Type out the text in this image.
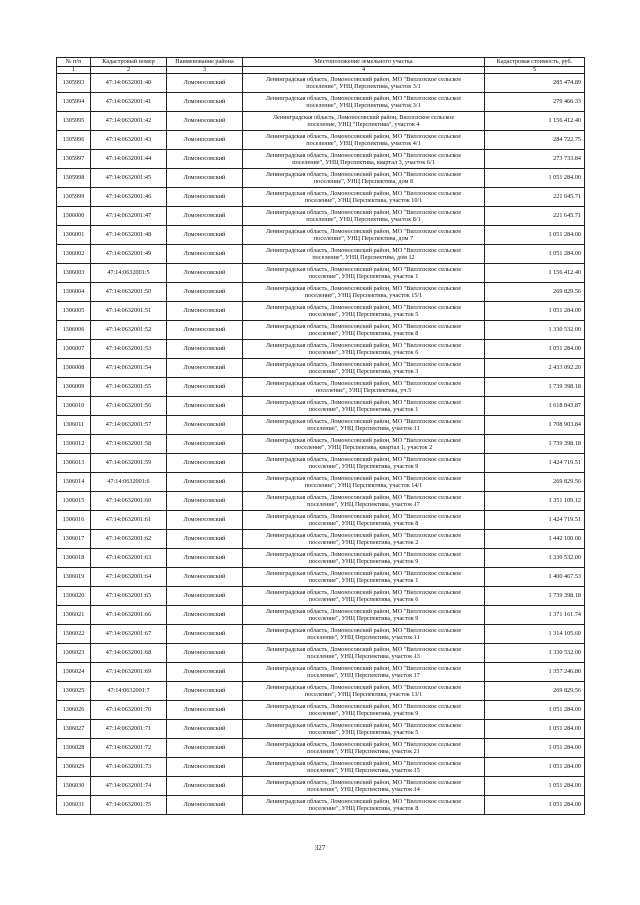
№ п/п	Кадастровый номер	Наименование района	Местоположение земельного участка	Кадастровая стоимость, руб.
1	2	3	4	5
1305993	47:14:0632001:40	Ломоносовский	Ленинградская область, Ломоносовский район, МО "Виллозское сельское
поселение", УНЦ Перспектива, участок 3/1	285 474.89
1305994	47:14:0632001:41	Ломоносовский	Ленинградская область, Ломоносовский район, МО "Виллозское сельское
поселение", УНЦ Перспектива, участок 3/1	279 466.33
1305995	47:14:0632001:42	Ломоносовский	Ленинградская область, Ломоносовский район, Виллозское сельское
поселение, УНЦ "Перспектива", участок 4	1 156 412.40
1305996	47:14:0632001:43	Ломоносовский	Ленинградская область, Ломоносовский район, МО "Виллозское сельское
поселение", УНЦ Перспектива, участок 4/1	284 722.75
1305997	47:14:0632001:44	Ломоносовский	Ленинградская область, Ломоносовский район, МО "Виллозское сельское
поселение", УНЦ Перспектива, квартал 3, участок 6/1	273 733.84
1305998	47:14:0632001:45	Ломоносовский	Ленинградская область, Ломоносовский район, МО "Виллозское сельское
поселение", УНЦ Перспектива, дом 8	1 051 284.00
1305999	47:14:0632001:46	Ломоносовский	Ленинградская область, Ломоносовский район, МО "Виллозское сельское
поселение", УНЦ Перспектива, участок 10/1	221 645.71
1306000	47:14:0632001:47	Ломоносовский	Ленинградская область, Ломоносовский район, МО "Виллозское сельское
поселение", УНЦ Перспектива, участок 8/1	221 645.71
1306001	47:14:0632001:48	Ломоносовский	Ленинградская область, Ломоносовский район, МО "Виллозское сельское
поселение", УНЦ Перспектива, дом 7	1 051 284.00
1306002	47:14:0632001:49	Ломоносовский	Ленинградская область, Ломоносовский район, МО "Виллозское сельское
поселение", УНЦ Перспектива, дом 12	1 051 284.00
1306003	47:14:0632001:5	Ломоносовский	Ленинградская область, Ломоносовский район, МО "Виллозское сельское
поселение", УНЦ Перспектива, участок 1	1 156 412.40
1306004	47:14:0632001:50	Ломоносовский	Ленинградская область, Ломоносовский район, МО "Виллозское сельское
поселение", УНЦ Перспектива, участок 15/1	269 829.56
1306005	47:14:0632001:51	Ломоносовский	Ленинградская область, Ломоносовский район, МО "Виллозское сельское
поселение", УНЦ Перспектива, участок 5	1 051 284.00
1306006	47:14:0632001:52	Ломоносовский	Ленинградская область, Ломоносовский район, МО "Виллозское сельское
поселение", УНЦ Перспектива, участок 8	1 330 532.00
1306007	47:14:0632001:53	Ломоносовский	Ленинградская область, Ломоносовский район, МО "Виллозское сельское
поселение", УНЦ Перспектива, участок 6	1 051 284.00
1306008	47:14:0632001:54	Ломоносовский	Ленинградская область, Ломоносовский район, МО "Виллозское сельское
поселение", УНЦ Перспектива, участок 3	2 433 092.20
1306009	47:14:0632001:55	Ломоносовский	Ленинградская область, Ломоносовский район, МО "Виллозское сельское
поселение", УНЦ Перспектива, уч.5	1 739 398.18
1306010	47:14:0632001:56	Ломоносовский	Ленинградская область, Ломоносовский район, МО "Виллозское сельское
поселение", УНЦ Перспектива, участок 1	1 618 843.87
1306011	47:14:0632001:57	Ломоносовский	Ленинградская область, Ломоносовский район, МО "Виллозское сельское
поселение", УНЦ Перспектива, участок 11	1 708 903.84
1306012	47:14:0632001:58	Ломоносовский	Ленинградская область, Ломоносовский район, МО "Виллозское сельское
поселение", УНЦ Перспектива, квартал 1, участок 2	1 739 398.18
1306013	47:14:0632001:59	Ломоносовский	Ленинградская область, Ломоносовский район, МО "Виллозское сельское
поселение", УНЦ Перспектива, участок 9	1 424 719.51
1306014	47:14:0632001:6	Ломоносовский	Ленинградская область, Ломоносовский район, МО "Виллозское сельское
поселение", УНЦ Перспектива, участок 14/1	269 829.56
1306015	47:14:0632001:60	Ломоносовский	Ленинградская область, Ломоносовский район, МО "Виллозское сельское
поселение", УНЦ Перспектива, участок 17	1 351 109.12
1306016	47:14:0632001:61	Ломоносовский	Ленинградская область, Ломоносовский район, МО "Виллозское сельское
поселение", УНЦ Перспектива, участок 8	1 424 719.51
1306017	47:14:0632001:62	Ломоносовский	Ленинградская область, Ломоносовский район, МО "Виллозское сельское
поселение", УНЦ Перспектива, участок 2	1 442 100.00
1306018	47:14:0632001:63	Ломоносовский	Ленинградская область, Ломоносовский район, МО "Виллозское сельское
поселение", УНЦ Перспектива, участок 9	1 330 532.00
1306019	47:14:0632001:64	Ломоносовский	Ленинградская область, Ломоносовский район, МО "Виллозское сельское
поселение", УНЦ Перспектива, участок 1	1 400 467.53
1306020	47:14:0632001:65	Ломоносовский	Ленинградская область, Ломоносовский район, МО "Виллозское сельское
поселение", УНЦ Перспектива, участок 6	1 739 398.18
1306021	47:14:0632001:66	Ломоносовский	Ленинградская область, Ломоносовский район, МО "Виллозское сельское
поселение", УНЦ Перспектива, участок 9	1 371 161.74
1306022	47:14:0632001:67	Ломоносовский	Ленинградская область, Ломоносовский район, МО "Виллозское сельское
поселение", УНЦ Перспектива, участок 11	1 314 105.60
1306023	47:14:0632001:68	Ломоносовский	Ленинградская область, Ломоносовский район, МО "Виллозское сельское
поселение", УНЦ Перспектива, участок 13	1 330 532.00
1306024	47:14:0632001:69	Ломоносовский	Ленинградская область, Ломоносовский район, МО "Виллозское сельское
поселение", УНЦ Перспектива, участок 17	1 357 246.80
1306025	47:14:0632001:7	Ломоносовский	Ленинградская область, Ломоносовский район, МО "Виллозское сельское
поселение", УНЦ Перспектива, участок 13/1	269 829.56
1306026	47:14:0632001:70	Ломоносовский	Ленинградская область, Ломоносовский район, МО "Виллозское сельское
поселение", УНЦ Перспектива, участок 9	1 051 284.00
1306027	47:14:0632001:71	Ломоносовский	Ленинградская область, Ломоносовский район, МО "Виллозское сельское
поселение", УНЦ Перспектива, участок 5	1 051 284.00
1306028	47:14:0632001:72	Ломоносовский	Ленинградская область, Ломоносовский район, МО "Виллозское сельское
поселение", УНЦ Перспектива, участок 21	1 051 284.00
1306029	47:14:0632001:73	Ломоносовский	Ленинградская область, Ломоносовский район, МО "Виллозское сельское
поселение", УНЦ Перспектива, участок 15	1 051 284.00
1306030	47:14:0632001:74	Ломоносовский	Ленинградская область, Ломоносовский район, МО "Виллозское сельское
поселение", УНЦ Перспектива, участок 14	1 051 284.00
1306031	47:14:0632001:75	Ломоносовский	Ленинградская область, Ломоносовский район, МО "Виллозское сельское
поселение", УНЦ Перспектива, участок 8	1 051 284.00
327
